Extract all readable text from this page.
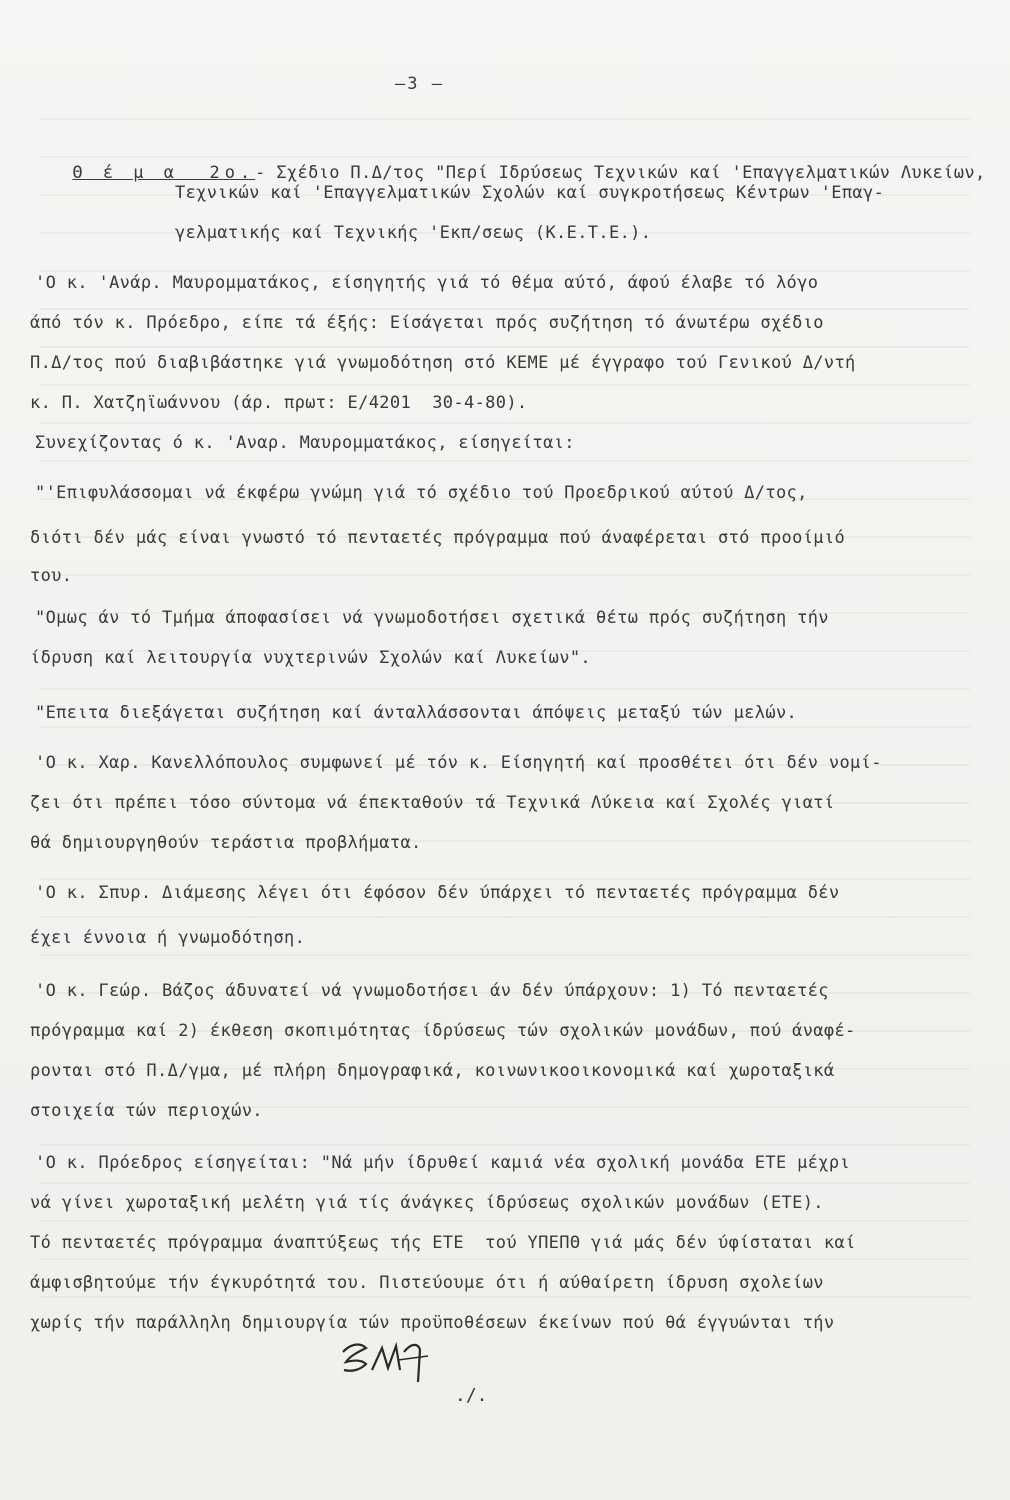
—3 —

Θ έ μ α  2ο.- Σχέδιο Π.Δ/τος "Περί Ιδρύσεως Τεχνικών καί 'Επαγγελματικών Λυκείων,

Τεχνικών καί 'Επαγγελματικών Σχολών καί συγκροτήσεως Κέντρων 'Επαγ-
γελματικής καί Τεχνικής 'Εκπ/σεως (Κ.Ε.Τ.Ε.).
'Ο κ. 'Ανάρ. Μαυρομματάκος, είσηγητής γιά τό θέμα αύτό, άφού έλαβε τό λόγο
άπό τόν κ. Πρόεδρο, είπε τά έξής: Είσάγεται πρός συζήτηση τό άνωτέρω σχέδιο
Π.Δ/τος πού διαβιβάστηκε γιά γνωμοδότηση στό ΚΕΜΕ μέ έγγραφο τού Γενικού Δ/ντή
κ. Π. Χατζηϊωάννου (άρ. πρωτ: Ε/4201  30-4-80).
Συνεχίζοντας ό κ. 'Αναρ. Μαυρομματάκος, είσηγείται:
"'Επιφυλάσσομαι νά έκφέρω γνώμη γιά τό σχέδιο τού Προεδρικού αύτού Δ/τος,
διότι δέν μάς είναι γνωστό τό πενταετές πρόγραμμα πού άναφέρεται στό προοίμιό
του.
"Ομως άν τό Τμήμα άποφασίσει νά γνωμοδοτήσει σχετικά θέτω πρός συζήτηση τήν
ίδρυση καί λειτουργία νυχτερινών Σχολών καί Λυκείων".
"Επειτα διεξάγεται συζήτηση καί άνταλλάσσονται άπόψεις μεταξύ τών μελών.
'Ο κ. Χαρ. Κανελλόπουλος συμφωνεί μέ τόν κ. Είσηγητή καί προσθέτει ότι δέν νομί-
ζει ότι πρέπει τόσο σύντομα νά έπεκταθούν τά Τεχνικά Λύκεια καί Σχολές γιατί
θά δημιουργηθούν τεράστια προβλήματα.
'Ο κ. Σπυρ. Διάμεσης λέγει ότι έφόσον δέν ύπάρχει τό πενταετές πρόγραμμα δέν
έχει έννοια ή γνωμοδότηση.
'Ο κ. Γεώρ. Βάζος άδυνατεί νά γνωμοδοτήσει άν δέν ύπάρχουν: 1) Τό πενταετές
πρόγραμμα καί 2) έκθεση σκοπιμότητας ίδρύσεως τών σχολικών μονάδων, πού άναφέ-
ρονται στό Π.Δ/γμα, μέ πλήρη δημογραφικά, κοινωνικοοικονομικά καί χωροταξικά
στοιχεία τών περιοχών.
'Ο κ. Πρόεδρος είσηγείται: "Νά μήν ίδρυθεί καμιά νέα σχολική μονάδα ΕΤΕ μέχρι
νά γίνει χωροταξική μελέτη γιά τίς άνάγκες ίδρύσεως σχολικών μονάδων (ΕΤΕ).
Τό πενταετές πρόγραμμα άναπτύξεως τής ΕΤΕ  τού ΥΠΕΠΘ γιά μάς δέν ύφίσταται καί
άμφισβητούμε τήν έγκυρότητά του. Πιστεύουμε ότι ή αύθαίρετη ίδρυση σχολείων
χωρίς τήν παράλληλη δημιουργία τών προϋποθέσεων έκείνων πού θά έγγυώνται τήν
./.
